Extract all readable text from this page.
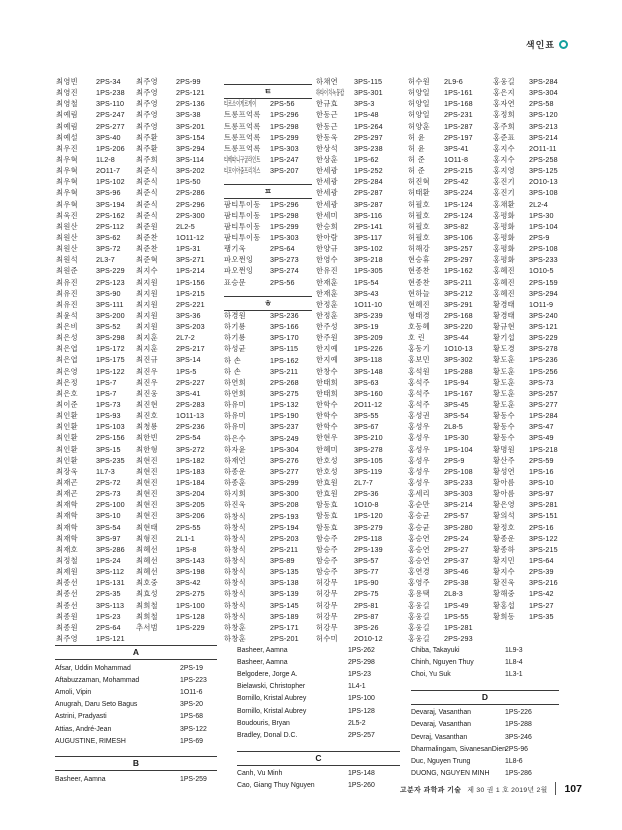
색인표
최영빈	2PS-34
최영진	1PS-238
최영철	3PS-110
최예림	2PS-247
최예림	2PS-277
최예설	3PS-40
최우진	1PS-206
최우혁	1L2-8
최우혁	2O11-7
최우혁	1PS-102
최우혁	3PS-96
최우혁	3PS-194
최욱진	2PS-162
최원산	2PS-112
최원산	3PS-62
최원산	3PS-72
최원석	2L3-7
최원준	3PS-229
최유진	2PS-123
최유진	3PS-90
최유진	3PS-111
최윤석	3PS-200
최은비	3PS-52
최은성	3PS-298
최은엽	1PS-172
최은엽	1PS-175
최은영	1PS-122
최은정	1PS-7
최은호	1PS-7
최이준	1PS-73
최인환	1PS-93
최인환	1PS-103
최인환	2PS-156
최인환	3PS-15
최인환	3PS-235
최장욱	1L7-3
최재곤	2PS-72
최재곤	2PS-73
최재학	2PS-100
최재학	3PS-10
최재학	3PS-54
최재학	3PS-97
최재호	3PS-286
최정철	1PS-24
최제원	3PS-112
최종선	1PS-131
최종선	2PS-35
최종선	3PS-113
최종원	1PS-23
최종원	2PS-64
최주영	1PS-121
최주영	2PS-99
최주영	2PS-121
최주영	2PS-136
최주영	3PS-38
최주영	3PS-201
최주환	3PS-154
최주환	3PS-294
최주희	3PS-114
최준식	3PS-202
최준식	1PS-50
최준식	2PS-286
최준식	2PS-296
최준식	2PS-300
최준원	2L2-5
최준찬	1O11-12
최준찬	1PS-31
최준혁	3PS-271
최지수	1PS-214
최지원	1PS-156
최지원	1PS-215
최지원	2PS-221
최지원	3PS-36
최지원	3PS-203
최지훈	2L7-2
최지훈	2PS-217
최진규	3PS-14
최진우	1PS-5
최진우	2PS-227
최진웅	3PS-41
최진현	2PS-283
최진호	1O11-13
최청룡	2PS-236
최한빈	2PS-54
최한형	3PS-272
최현진	1PS-182
최현진	1PS-183
최현진	1PS-184
최현진	3PS-204
최현진	3PS-205
최현진	3PS-206
최현태	2PS-55
최형진	2L1-1
최혜선	1PS-8
최혜선	3PS-143
최혜선	3PS-198
최호중	3PS-42
최효성	2PS-275
최희철	1PS-100
최희철	1PS-128
추서범	1PS-229
ㅌ
티르소이게르게이 2PS-56
트롱프억록	1PS-296
트롱프억록	1PS-298
트롱프억록	1PS-299
트롱프억록	1PS-303
티베따니구굴라인트 1PS-247
티모이아줌프리치스 3PS-207
ㅍ
팜티투이동	1PS-296
팜티투이동	1PS-298
팜티투이동	1PS-299
팜티투이동	1PS-303
팽기욱	2PS-64
파오쩐잉	3PS-273
파오쩐잉	3PS-274
표승문	2PS-56
ㅎ
하경원	3PS-236
하기룡	3PS-166
하기룡	3PS-170
하성균	3PS-115
하 손	1PS-162
하 손	3PS-211
하연희	2PS-268
하연희	3PS-275
하유미	1PS-132
하유미	1PS-190
하유미	3PS-237
하은수	3PS-249
하자윤	1PS-304
하재언	3PS-276
하종운	3PS-277
하종훈	3PS-299
하지희	3PS-300
하진욱	3PS-208
하창식	2PS-193
하창식	2PS-194
하창식	2PS-203
하창식	2PS-211
하창식	3PS-89
하창식	3PS-135
하창식	3PS-138
하창식	3PS-139
하창식	3PS-145
하창식	3PS-189
하창훈	2PS-171
하창훈	2PS-201
하채연	3PS-115
하타이치녹뭉캅 3PS-301
한규효	3PS-3
한동근	1PS-48
한동근	1PS-264
한동욱	2PS-297
한상석	3PS-238
한상훈	1PS-62
한세광	1PS-252
한세광	2PS-284
한세광	2PS-287
한세광	3PS-287
한세미	3PS-116
한승희	2PS-141
한아람	3PS-117
한양규	3PS-102
한영수	3PS-218
한유진	1PS-305
한재훈	1PS-54
한재훈	3PS-43
한정훈	1O11-10
한정훈	3PS-239
한주성	3PS-19
한주원	3PS-209
한지예	1PS-226
한지예	3PS-118
한창수	3PS-148
한태희	3PS-63
한태희	3PS-160
한학수	2O11-12
한학수	3PS-55
한학수	3PS-67
한현우	3PS-210
한혜미	3PS-278
한호성	3PS-105
한호성	3PS-119
한효원	2L7-7
한효원	2PS-36
함동효	1O10-8
함동효	1PS-120
함동효	3PS-279
함승주	2PS-118
함승주	2PS-139
함승주	3PS-57
함승주	3PS-77
허강무	1PS-90
허강무	2PS-75
허강무	2PS-81
허강무	2PS-87
허강무	3PS-26
허수미	2O10-12
허수원	2L9-6
허양일	1PS-161
허양일	1PS-168
허양일	2PS-231
허양훈	1PS-287
허 윤	2PS-197
허 윤	3PS-41
허 준	1O11-8
허 준	2PS-215
허진혁	2PS-42
허태환	3PS-224
허필호	1PS-124
허필호	2PS-124
허필호	3PS-82
허필호	3PS-106
허해강	3PS-257
현승휴	2PS-297
현종찬	1PS-162
현종찬	3PS-211
현하늘	3PS-212
현혜진	3PS-291
형태경	2PS-168
호동혜	3PS-220
호 린	3PS-44
홍동기	1O10-13
홍보민	3PS-302
홍석원	1PS-288
홍석주	1PS-94
홍석주	1PS-167
홍석주	3PS-45
홍성권	3PS-54
홍성우	2L8-5
홍성우	1PS-30
홍성우	1PS-104
홍성우	2PS-9
홍성우	2PS-108
홍성우	3PS-233
홍세리	3PS-303
홍순만	3PS-214
홍승균	2PS-57
홍승균	3PS-280
홍승연	2PS-24
홍승연	2PS-27
홍승연	2PS-37
홍연경	3PS-46
홍영주	2PS-38
홍용택	2L8-3
홍웅길	1PS-49
홍웅길	1PS-55
홍웅길	1PS-281
홍웅길	2PS-293
홍웅길	3PS-284
홍은지	3PS-304
홍자연	2PS-58
홍정희	3PS-120
홍주희	3PS-213
홍준표	3PS-214
홍지수	2O11-11
홍지수	2PS-258
홍지영	3PS-125
홍진기	2O10-13
홍진기	3PS-108
홍채환	2L2-4
홍평화	1PS-30
홍평화	1PS-104
홍평화	2PS-9
홍평화	2PS-108
홍평화	3PS-233
홍혜진	1O10-5
홍혜진	2PS-159
홍혜진	3PS-294
황경태	1O11-9
황경태	3PS-240
황규현	3PS-121
황기섭	3PS-229
황도경	3PS-278
황도훈	1PS-236
황도훈	1PS-256
황도훈	3PS-73
황도훈	3PS-257
황도훈	3PS-277
황동수	1PS-284
황동수	3PS-47
황동수	3PS-49
황명원	1PS-218
황산주	2PS-59
황성연	1PS-16
황아름	3PS-10
황아름	3PS-97
황은영	3PS-281
황의석	3PS-151
황정호	2PS-16
황종운	3PS-122
황종하	3PS-215
황지민	1PS-64
황지수	2PS-39
황진욱	3PS-216
황해중	1PS-42
황홍섭	1PS-27
황희동	1PS-35
A
Afsar, Uddin Mohammad	2PS-19
Aftabuzzaman, Mohammad	1PS-223
Amoli, Vipin	1O11-6
Anugrah, Daru Seto Bagus	3PS-20
Astrini, Pradyasti	1PS-68
Attias, André-Jean	3PS-122
AUGUSTINE, RIMESH	1PS-69
B
Basheer, Aamna	1PS-259
Basheer, Aamna	1PS-262
Basheer, Aamna	2PS-298
Belgodere, Jorge A.	1PS-23
Bielawski, Christopher	1L4-1
Bornillo, Kristal Aubrey	1PS-100
Bornillo, Kristal Aubrey	1PS-128
Boudouris, Bryan	2L5-2
Bradley, Donal D.C.	2PS-257
C
Canh, Vu Minh	1PS-148
Cao, Giang Thuy Nguyen	1PS-260
Chiba, Takayuki	1L9-3
Chinh, Nguyen Thuy	1L8-4
Choi, Yu Suk	1L3-1
D
Devaraj, Vasanthan	1PS-226
Devaraj, Vasanthan	1PS-288
Devraj, Vasanthan	3PS-246
Dharmalingam, SivanesanDien 2PS-96
Duc, Nguyen Trung	1L8-6
DUONG, NGUYEN MINH 1PS-286
고분자 과학과 기술 제 30 권 1 호 2019년 2월 107
